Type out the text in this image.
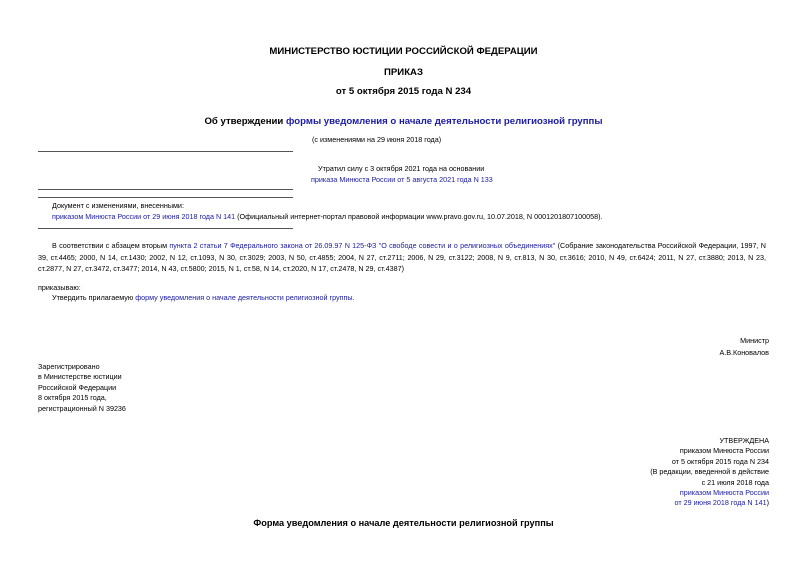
МИНИСТЕРСТВО ЮСТИЦИИ РОССИЙСКОЙ ФЕДЕРАЦИИ
ПРИКАЗ
от 5 октября 2015 года N 234
Об утверждении формы уведомления о начале деятельности религиозной группы
(с изменениями на 29 июня 2018 года)
Утратил силу с 3 октября 2021 года на основании
приказа Минюста России от 5 августа 2021 года N 133
Документ с изменениями, внесенными:
приказом Минюста России от 29 июня 2018 года N 141 (Официальный интернет-портал правовой информации www.pravo.gov.ru, 10.07.2018, N 0001201807100058).
В соответствии с абзацем вторым пункта 2 статьи 7 Федерального закона от 26.09.97 N 125-ФЗ "О свободе совести и о религиозных объединениях" (Собрание законодательства Российской Федерации, 1997, N 39, ст.4465; 2000, N 14, ст.1430; 2002, N 12, ст.1093, N 30, ст.3029; 2003, N 50, ст.4855; 2004, N 27, ст.2711; 2006, N 29, ст.3122; 2008, N 9, ст.813, N 30, ст.3616; 2010, N 49, ст.6424; 2011, N 27, ст.3880; 2013, N 23, ст.2877, N 27, ст.3472, ст.3477; 2014, N 43, ст.5800; 2015, N 1, ст.58, N 14, ст.2020, N 17, ст.2478, N 29, ст.4387)
приказываю:
Утвердить прилагаемую форму уведомления о начале деятельности религиозной группы.
Министр
А.В.Коновалов
Зарегистрировано
в Министерстве юстиции
Российской Федерации
8 октября 2015 года,
регистрационный N 39236
УТВЕРЖДЕНА
приказом Минюста России
от 5 октября 2015 года N 234
(В редакции, введенной в действие
с 21 июля 2018 года
приказом Минюста России
от 29 июня 2018 года N 141)
Форма уведомления о начале деятельности религиозной группы
